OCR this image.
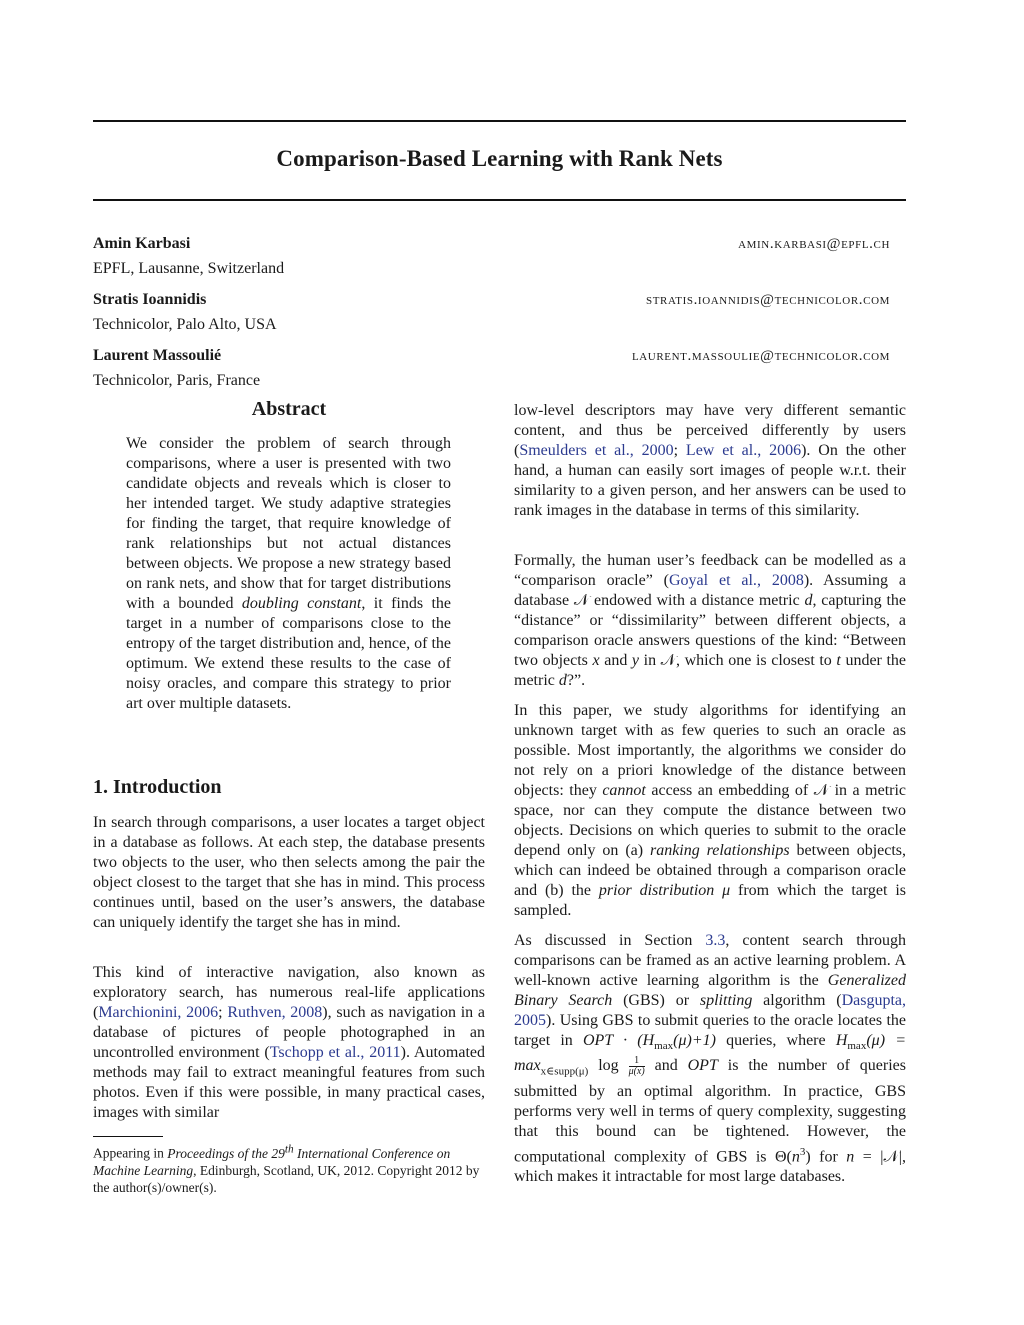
Comparison-Based Learning with Rank Nets
Amin Karbasi	amin.karbasi@epfl.ch
EPFL, Lausanne, Switzerland
Stratis Ioannidis	stratis.ioannidis@technicolor.com
Technicolor, Palo Alto, USA
Laurent Massoulié	laurent.massoulie@technicolor.com
Technicolor, Paris, France
Abstract
We consider the problem of search through comparisons, where a user is presented with two candidate objects and reveals which is closer to her intended target. We study adaptive strategies for finding the target, that require knowledge of rank relationships but not actual distances between objects. We propose a new strategy based on rank nets, and show that for target distributions with a bounded doubling constant, it finds the target in a number of comparisons close to the entropy of the target distribution and, hence, of the optimum. We extend these results to the case of noisy oracles, and compare this strategy to prior art over multiple datasets.
1. Introduction

In search through comparisons, a user locates a target object in a database as follows. At each step, the database presents two objects to the user, who then selects among the pair the object closest to the target that she has in mind. This process continues until, based on the user’s answers, the database can uniquely identify the target she has in mind.

This kind of interactive navigation, also known as exploratory search, has numerous real-life applications (Marchionini, 2006; Ruthven, 2008), such as navigation in a database of pictures of people photographed in an uncontrolled environment (Tschopp et al., 2011). Automated methods may fail to extract meaningful features from such photos. Even if this were possible, in many practical cases, images with similar

Appearing in Proceedings of the 29th International Conference on Machine Learning, Edinburgh, Scotland, UK, 2012. Copyright 2012 by the author(s)/owner(s).

low-level descriptors may have very different semantic content, and thus be perceived differently by users (Smeulders et al., 2000; Lew et al., 2006). On the other hand, a human can easily sort images of people w.r.t. their similarity to a given person, and her answers can be used to rank images in the database in terms of this similarity.

Formally, the human user’s feedback can be modelled as a “comparison oracle” (Goyal et al., 2008). Assuming a database 𝒩 endowed with a distance metric d, capturing the “distance” or “dissimilarity” between different objects, a comparison oracle answers questions of the kind: “Between two objects x and y in 𝒩, which one is closest to t under the metric d?”.

In this paper, we study algorithms for identifying an unknown target with as few queries to such an oracle as possible. Most importantly, the algorithms we consider do not rely on a priori knowledge of the distance between objects: they cannot access an embedding of 𝒩 in a metric space, nor can they compute the distance between two objects. Decisions on which queries to submit to the oracle depend only on (a) ranking relationships between objects, which can indeed be obtained through a comparison oracle and (b) the prior distribution μ from which the target is sampled.

As discussed in Section 3.3, content search through comparisons can be framed as an active learning problem. A well-known active learning algorithm is the Generalized Binary Search (GBS) or splitting algorithm (Dasgupta, 2005). Using GBS to submit queries to the oracle locates the target in OPT · $(H_{max}(\mu)+1)$ queries, where $H_{max}(\mu) = \max_{x\in supp(\mu)} \log \frac{1}{\mu(x)}$ and OPT is the number of queries submitted by an optimal algorithm. In practice, GBS performs very well in terms of query complexity, suggesting that this bound can be tightened. However, the computational complexity of GBS is $\Theta(n^3)$ for n = |𝒩|, which makes it intractable for most large databases.
